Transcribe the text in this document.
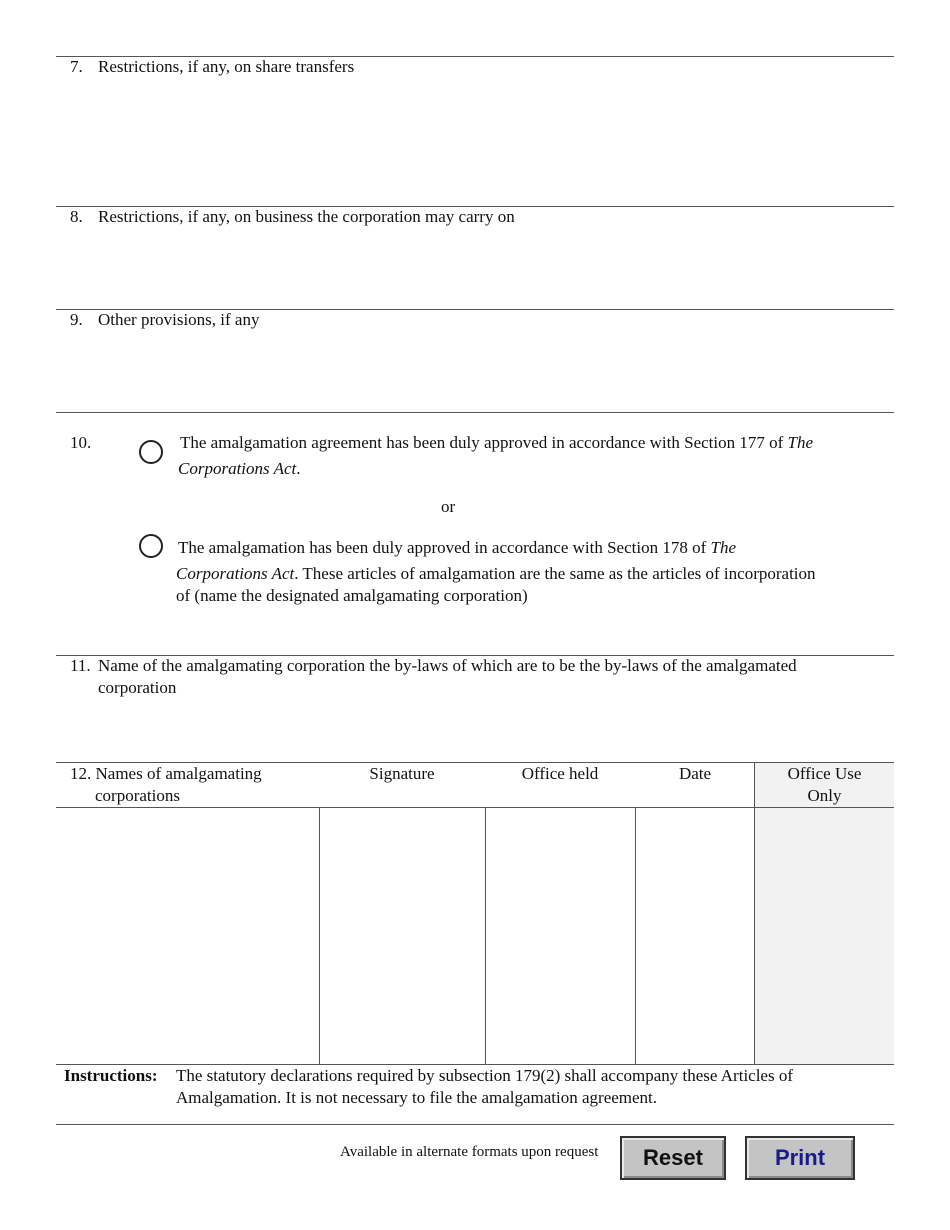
7. Restrictions, if any, on share transfers
8. Restrictions, if any, on business the corporation may carry on
9. Other provisions, if any
10.	The amalgamation agreement has been duly approved in accordance with Section 177 of The
Corporations Act.
or
The amalgamation has been duly approved in accordance with Section 178 of The
Corporations Act. These articles of amalgamation are the same as the articles of incorporation
of (name the designated amalgamating corporation)
11. Name of the amalgamating corporation the by-laws of which are to be the by-laws of the amalgamated
corporation
12. Names of amalgamating
corporations
Signature	Office held	Date	Office Use
Only
Instructions: The statutory declarations required by subsection 179(2) shall accompany these Articles of
Amalgamation. It is not necessary to file the amalgamation agreement.
Available in alternate formats upon request	Reset	Print
